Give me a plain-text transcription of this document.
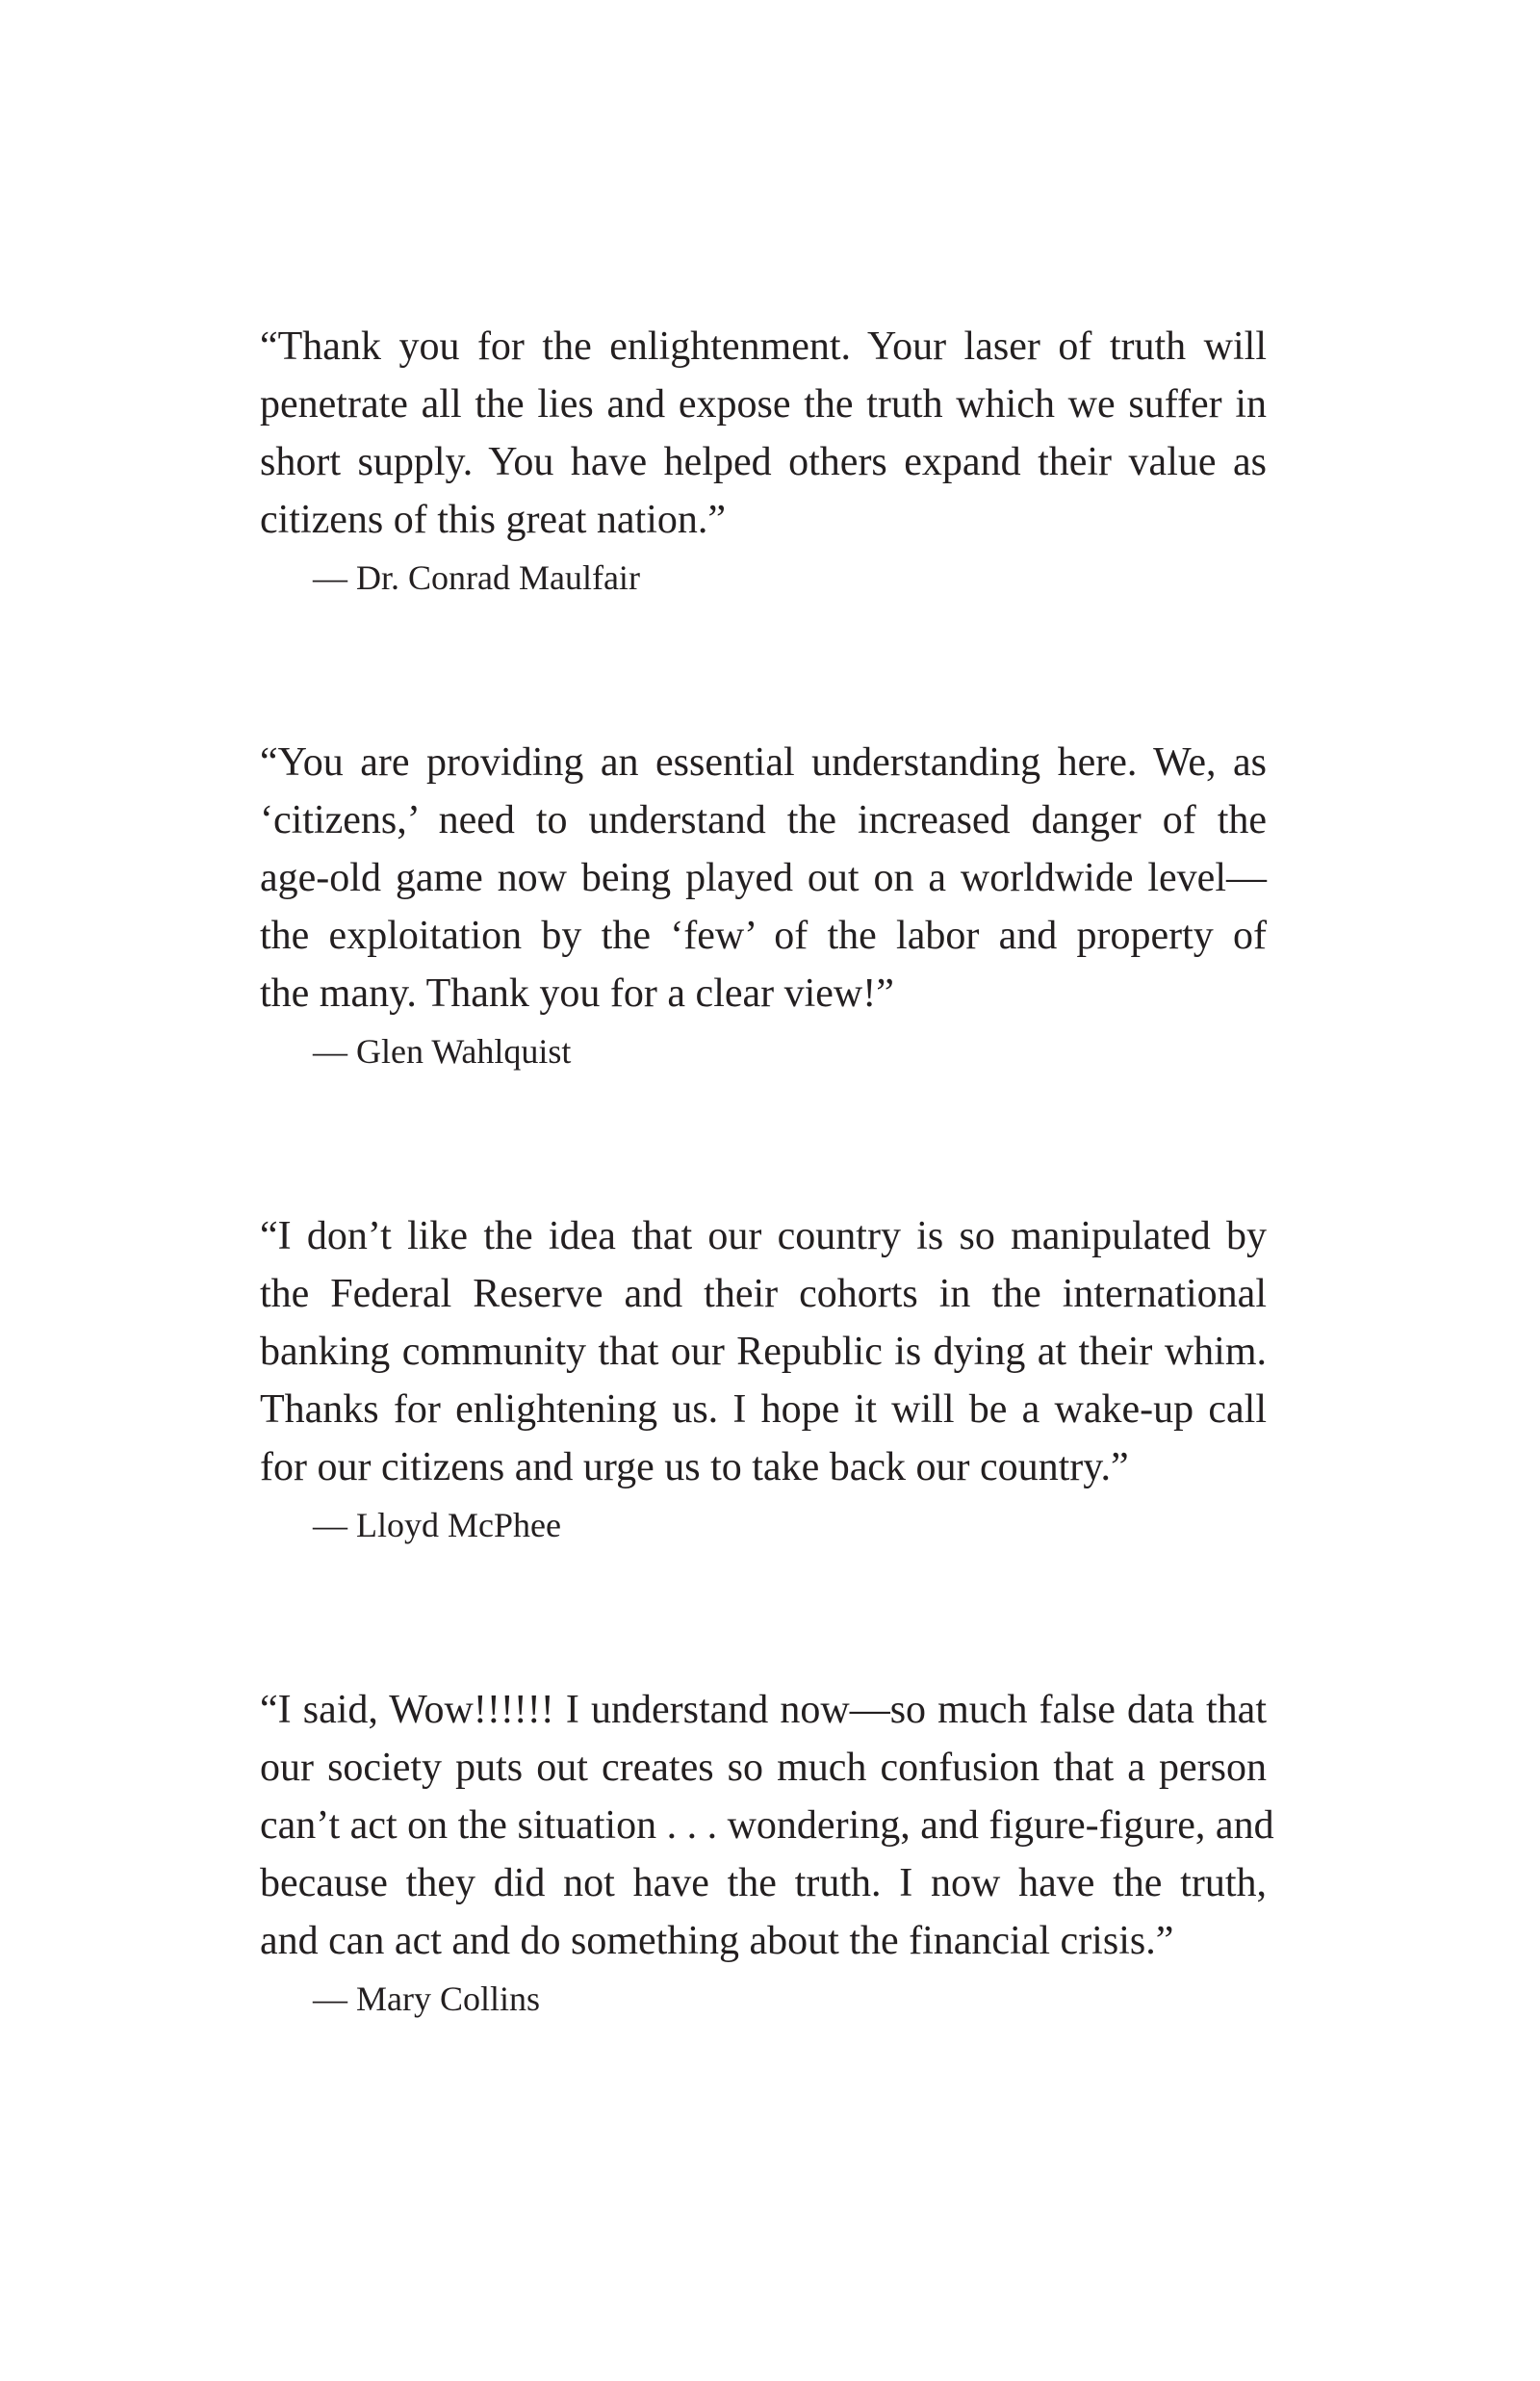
“Thank you for the enlightenment. Your laser of truth will
penetrate all the lies and expose the truth which we suffer in
short supply. You have helped others expand their value as
citizens of this great nation.”
— Dr. Conrad Maulfair
“You are providing an essential understanding here. We, as
‘citizens,’ need to understand the increased danger of the
age-old game now being played out on a worldwide level—
the exploitation by the ‘few’ of the labor and property of
the many. Thank you for a clear view!”
— Glen Wahlquist
“I don’t like the idea that our country is so manipulated by
the Federal Reserve and their cohorts in the international
banking community that our Republic is dying at their whim.
Thanks for enlightening us. I hope it will be a wake-up call
for our citizens and urge us to take back our country.”
— Lloyd McPhee
“I said, Wow!!!!!! I understand now—so much false data that
our society puts out creates so much confusion that a person
can’t act on the situation . . . wondering, and figure-figure, and
because they did not have the truth. I now have the truth,
and can act and do something about the financial crisis.”
— Mary Collins
